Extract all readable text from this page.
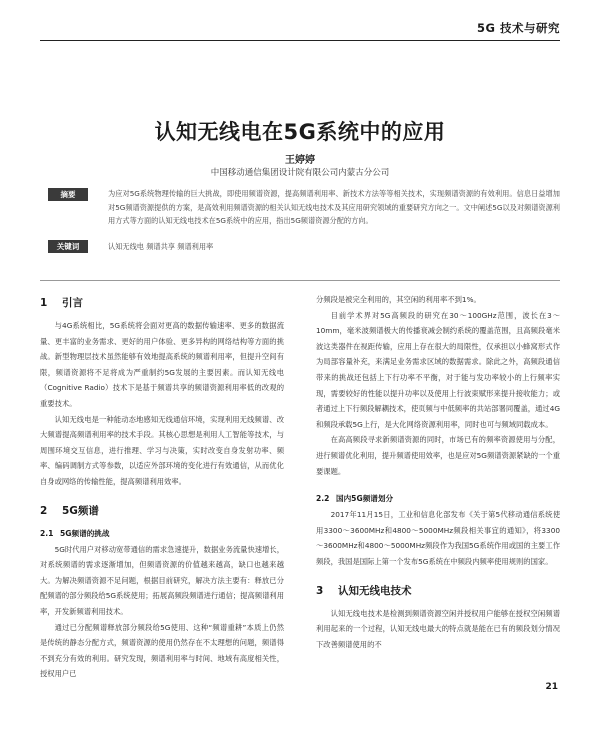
5G 技术与研究
认知无线电在5G系统中的应用
王婷婷
中国移动通信集团设计院有限公司内蒙古分公司
摘要	为应对5G系统物理传输的巨大挑战，即使用频谱资源，提高频谱利用率、新技术方法等等相关技术，实现频谱资源的有效利用。信息日益增加对5G频谱资源提供的方案，是高效利用频谱资源的相关认知无线电技术及其应用研究领域的重要研究方向之一。文中阐述5G以及对频谱资源利用方式等方面的认知无线电技术在5G系统中的应用，指出5G频谱资源分配的方向。
关键词	认知无线电 频谱共享 频谱利用率
1 引言

与4G系统相比，5G系统将会面对更高的数据传输速率、更多的数据流量、更丰富的业务需求、更好的用户体验、更多异构的网络结构等方面的挑战。新型物理层技术虽然能够有效地提高系统的频谱利用率，但提升空间有限，频谱资源将不足将成为严重制约5G发展的主要因素。而认知无线电（Cognitive Radio）技术下是基于频谱共享的频谱资源利用率低的改观的重要技术。

认知无线电是一种能动态地感知无线通信环境，实现利用无线频谱、改大频谱提高频谱利用率的技术手段。其核心思想是利用人工智能等技术，与周围环境交互信息，进行推理、学习与决策，实时改变自身发射功率、频率、编码调制方式等参数，以适应外部环境的变化进行有效通信，从而优化自身或网络的传输性能，提高频谱利用效率。

2 5G频谱
2.1 5G频谱的挑战

5G时代用户对移动宽带通信的需求急速提升，数据业务流量快速增长，对系统频谱的需求逐渐增加，但频谱资源的价值越来越高，缺口也越来越大。为解决频谱资源不足问题，根据目前研究，解决方法主要有：释放已分配频谱的部分频段给5G系统使用；拓展高频段频谱进行通信；提高频谱利用率，开发新频谱利用技术。

通过已分配频谱释放部分频段给5G使用、这种“频谱重耕”本质上仍然是传统的静态分配方式，频谱资源的使用仍然存在不太理想的问题，频谱得不到充分有效的利用。研究发现，频谱利用率与时间、地域有高度相关性，授权用户已

分频段是被完全利用的，其空闲的利用率不到1%。

目前学术界对5G高频段的研究在30～100GHz范围，波长在3～10mm，毫米波频谱极大的传播衰减会制约系统的覆盖范围，且高频段毫米波这类器件在视距传输，应用上存在很大的局限性，仅承担以小蜂窝形式作为局部容量补充，来满足业务需求区域的数据需求。除此之外，高频段通信带来的挑战还包括上下行功率不平衡，对于能与发功率较小的上行频率实现，需要较好的性能以提升功率以及使用上行波束赋形来提升接收能力；或者通过上下行频段解耦技术，使页频与中低频率的共站部署同覆盖，通过4G和频段承载5G上行，是大化网络资源利用率，同时也可与频域同载成本。

在高高频段寻求新频谱资源的同时，市场已有的频率资源使用与分配，进行频谱优化利用，提升频谱使用效率，也是应对5G频谱资源紧缺的一个重要课题。

2.2 国内5G频谱划分

2017年11月15日，工业和信息化部发布《关于第5代移动通信系统使用3300～3600MHz和4800～5000MHz频段相关事宜的通知》，将3300～3600MHz和4800～5000MHz频段作为我国5G系统作用或国的主要工作频段，我国是国际上第一个发布5G系统在中频段内频率使用规则的国家。

3 认知无线电技术

认知无线电技术是检测到频谱资源空闲并授权用户能够在授权空闲频谱利用起来的一个过程，认知无线电最大的特点就是能在已有的频段划分情况下改善频谱使用的不

21
